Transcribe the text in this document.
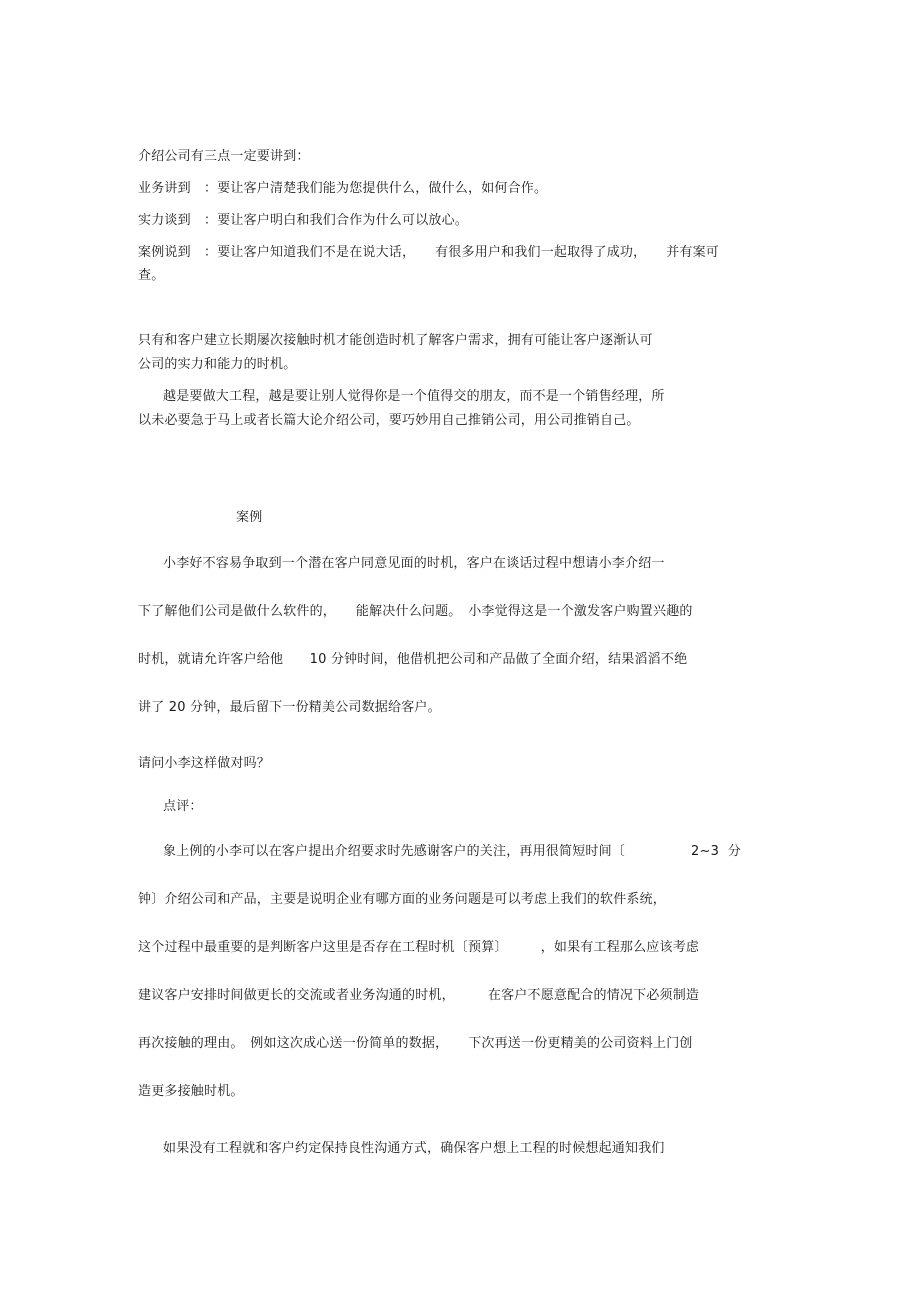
介绍公司有三点一定要讲到：
业务讲到　：要让客户清楚我们能为您提供什么，做什么，如何合作。
实力谈到　：要让客户明白和我们合作为什么可以放心。
案例说到　：要让客户知道我们不是在说大话，　　有很多用户和我们一起取得了成功，　　并有案可
查。
只有和客户建立长期屡次接触时机才能创造时机了解客户需求，拥有可能让客户逐渐认可
公司的实力和能力的时机。
越是要做大工程，越是要让别人觉得你是一个值得交的朋友，而不是一个销售经理，所
以未必要急于马上或者长篇大论介绍公司，要巧妙用自己推销公司，用公司推销自己。
案例
小李好不容易争取到一个潜在客户同意见面的时机，客户在谈话过程中想请小李介绍一
下了解他们公司是做什么软件的，　　能解决什么问题。　小李觉得这是一个激发客户购置兴趣的
时机，就请允许客户给他　　10 分钟时间，他借机把公司和产品做了全面介绍，结果滔滔不绝
讲了 20 分钟，最后留下一份精美公司数据给客户。
请问小李这样做对吗？
点评：
象上例的小李可以在客户提出介绍要求时先感谢客户的关注，再用很简短时间〔　　　　　2~3  分
钟〕介绍公司和产品，主要是说明企业有哪方面的业务问题是可以考虑上我们的软件系统，
这个过程中最重要的是判断客户这里是否存在工程时机〔预算〕　　　，如果有工程那么应该考虑
建议客户安排时间做更长的交流或者业务沟通的时机，　　　在客户不愿意配合的情况下必须制造
再次接触的理由。　例如这次成心送一份简单的数据，　　下次再送一份更精美的公司资料上门创
造更多接触时机。
如果没有工程就和客户约定保持良性沟通方式，确保客户想上工程的时候想起通知我们
